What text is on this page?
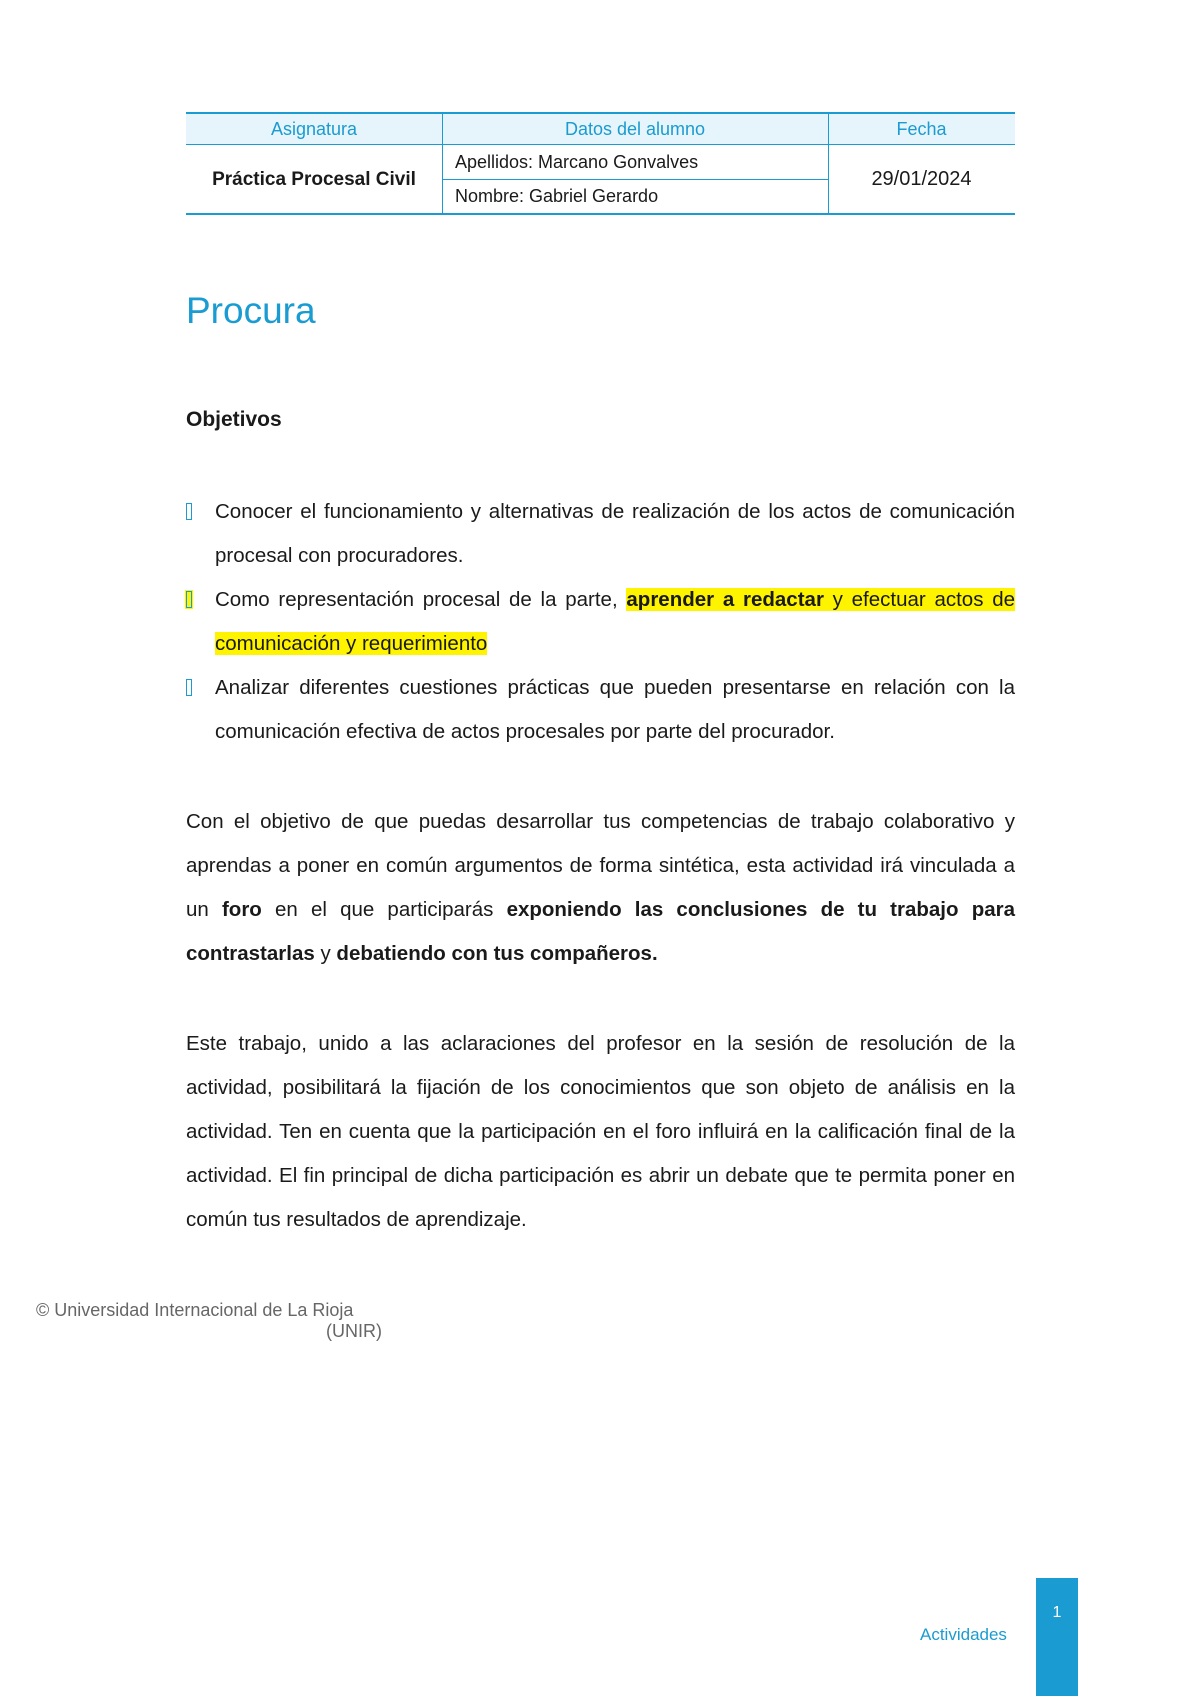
Asignatura	Datos del alumno	Fecha
Práctica Procesal Civil
Apellidos: Marcano Gonvalves
Nombre: Gabriel Gerardo
29/01/2024
Procura
Objetivos
Conocer el funcionamiento y alternativas de realización de los actos de comunicación procesal con procuradores.
Como representación procesal de la parte, aprender a redactar y efectuar actos de comunicación y requerimiento
Analizar diferentes cuestiones prácticas que pueden presentarse en relación con la comunicación efectiva de actos procesales por parte del procurador.

Con el objetivo de que puedas desarrollar tus competencias de trabajo colaborativo y aprendas a poner en común argumentos de forma sintética, esta actividad irá vinculada a un foro en el que participarás exponiendo las conclusiones de tu trabajo para contrastarlas y debatiendo con tus compañeros.

Este trabajo, unido a las aclaraciones del profesor en la sesión de resolución de la actividad, posibilitará la fijación de los conocimientos que son objeto de análisis en la actividad. Ten en cuenta que la participación en el foro influirá en la calificación final de la actividad. El fin principal de dicha participación es abrir un debate que te permita poner en común tus resultados de aprendizaje.

© Universidad Internacional de La Rioja
(UNIR)
Actividades
1
